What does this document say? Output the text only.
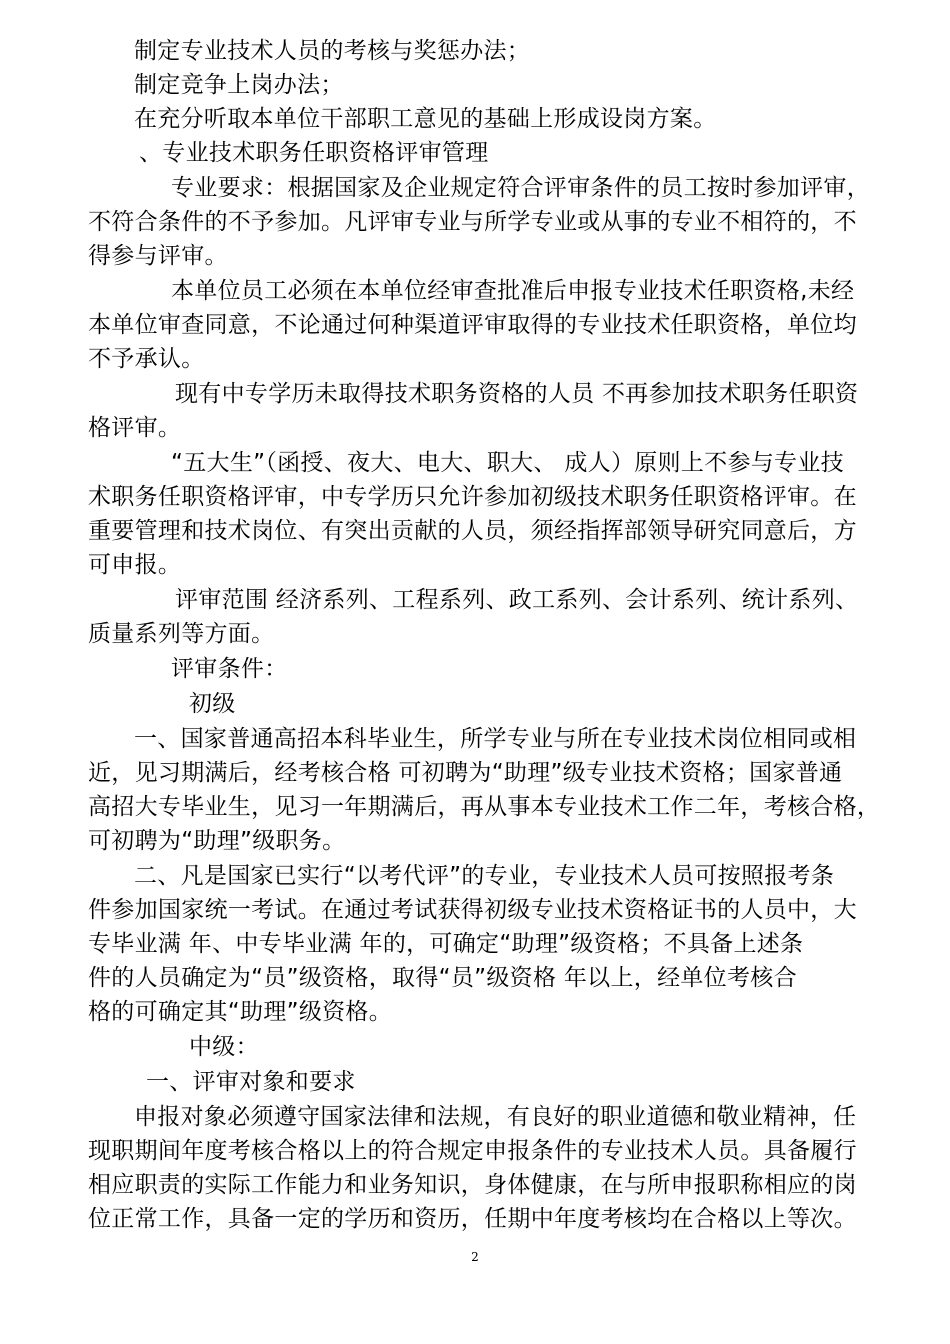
制定专业技术人员的考核与奖惩办法；
制定竞争上岗办法；
在充分听取本单位干部职工意见的基础上形成设岗方案。
、专业技术职务任职资格评审管理
专业要求：根据国家及企业规定符合评审条件的员工按时参加评审，
不符合条件的不予参加。凡评审专业与所学专业或从事的专业不相符的，不
得参与评审。
本单位员工必须在本单位经审查批准后申报专业技术任职资格,未经
本单位审查同意，不论通过何种渠道评审取得的专业技术任职资格，单位均
不予承认。
现有中专学历未取得技术职务资格的人员 不再参加技术职务任职资
格评审。
“五大生”（函授、夜大、电大、职大、 成人）原则上不参与专业技
术职务任职资格评审，中专学历只允许参加初级技术职务任职资格评审。在
重要管理和技术岗位、有突出贡献的人员，须经指挥部领导研究同意后，方
可申报。
评审范围 经济系列、工程系列、政工系列、会计系列、统计系列、
质量系列等方面。
评审条件：
初级
一、国家普通高招本科毕业生，所学专业与所在专业技术岗位相同或相
近，见习期满后，经考核合格 可初聘为“助理”级专业技术资格；国家普通
高招大专毕业生，见习一年期满后，再从事本专业技术工作二年，考核合格，
可初聘为“助理”级职务。
二、凡是国家已实行“以考代评”的专业，专业技术人员可按照报考条
件参加国家统一考试。在通过考试获得初级专业技术资格证书的人员中，大
专毕业满 年、中专毕业满 年的，可确定“助理”级资格；不具备上述条
件的人员确定为“员”级资格，取得“员”级资格 年以上，经单位考核合
格的可确定其“助理”级资格。
中级：
一、评审对象和要求
申报对象必须遵守国家法律和法规，有良好的职业道德和敬业精神，任
现职期间年度考核合格以上的符合规定申报条件的专业技术人员。具备履行
相应职责的实际工作能力和业务知识，身体健康，在与所申报职称相应的岗
位正常工作，具备一定的学历和资历，任期中年度考核均在合格以上等次。
2
